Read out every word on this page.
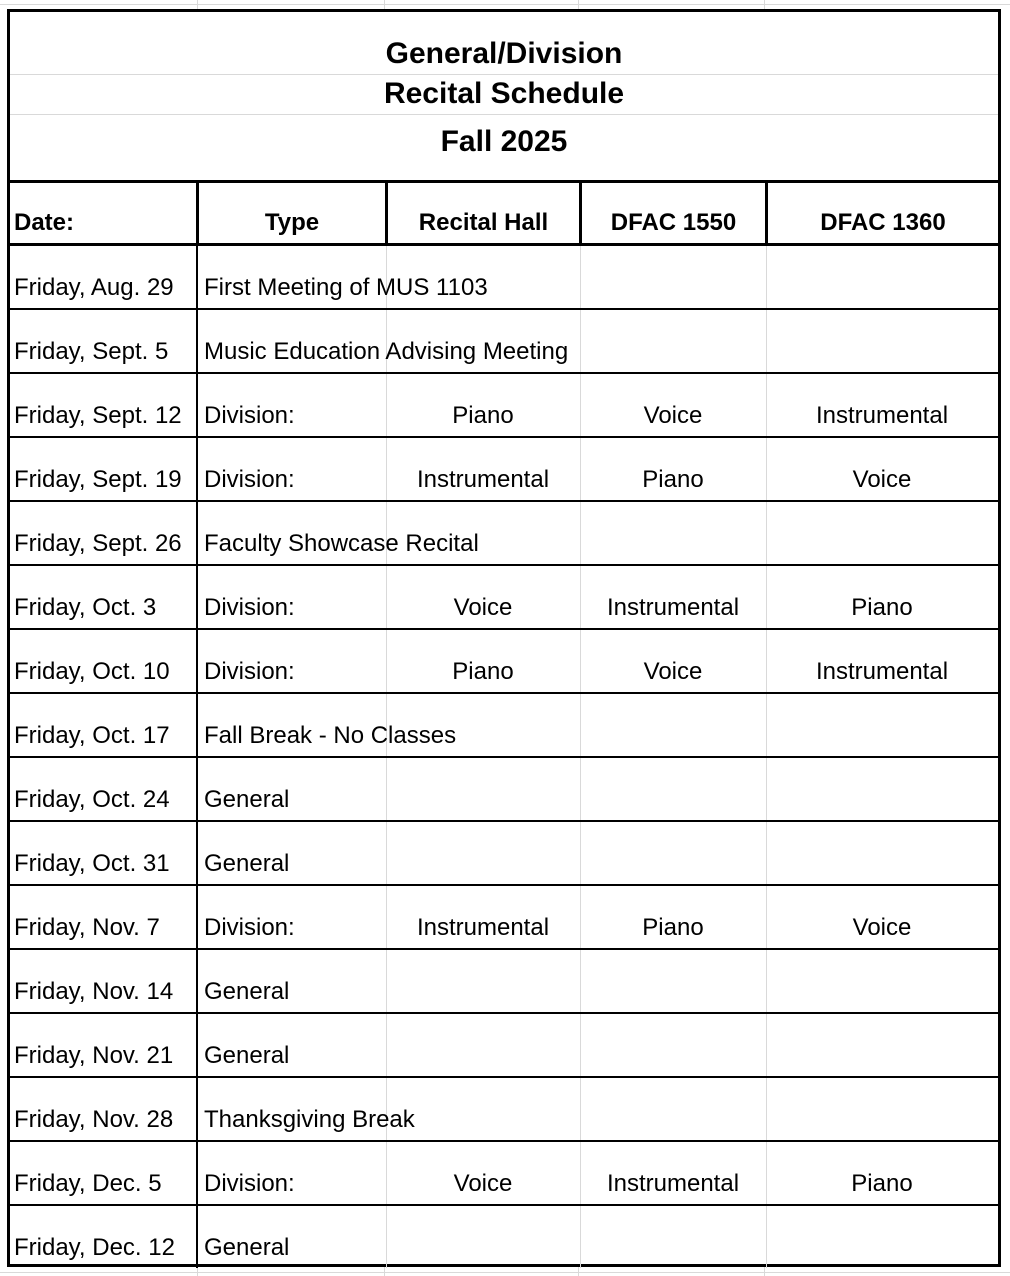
General/Division
Recital Schedule
Fall 2025
Date:	Type	Recital Hall	DFAC 1550	DFAC 1360
Friday, Aug. 29	First Meeting of MUS 1103
Friday, Sept. 5	Music Education Advising Meeting
Friday, Sept. 12 Division:	Piano	Voice	Instrumental
Friday, Sept. 19 Division:	Instrumental	Piano	Voice
Friday, Sept. 26 Faculty Showcase Recital
Friday, Oct. 3	Division:	Voice	Instrumental	Piano
Friday, Oct. 10	Division:	Piano	Voice	Instrumental
Friday, Oct. 17	Fall Break - No Classes
Friday, Oct. 24	General
Friday, Oct. 31	General
Friday, Nov. 7	Division:	Instrumental	Piano	Voice
Friday, Nov. 14	General
Friday, Nov. 21	General
Friday, Nov. 28	Thanksgiving Break
Friday, Dec. 5	Division:	Voice	Instrumental	Piano
Friday, Dec. 12	General
